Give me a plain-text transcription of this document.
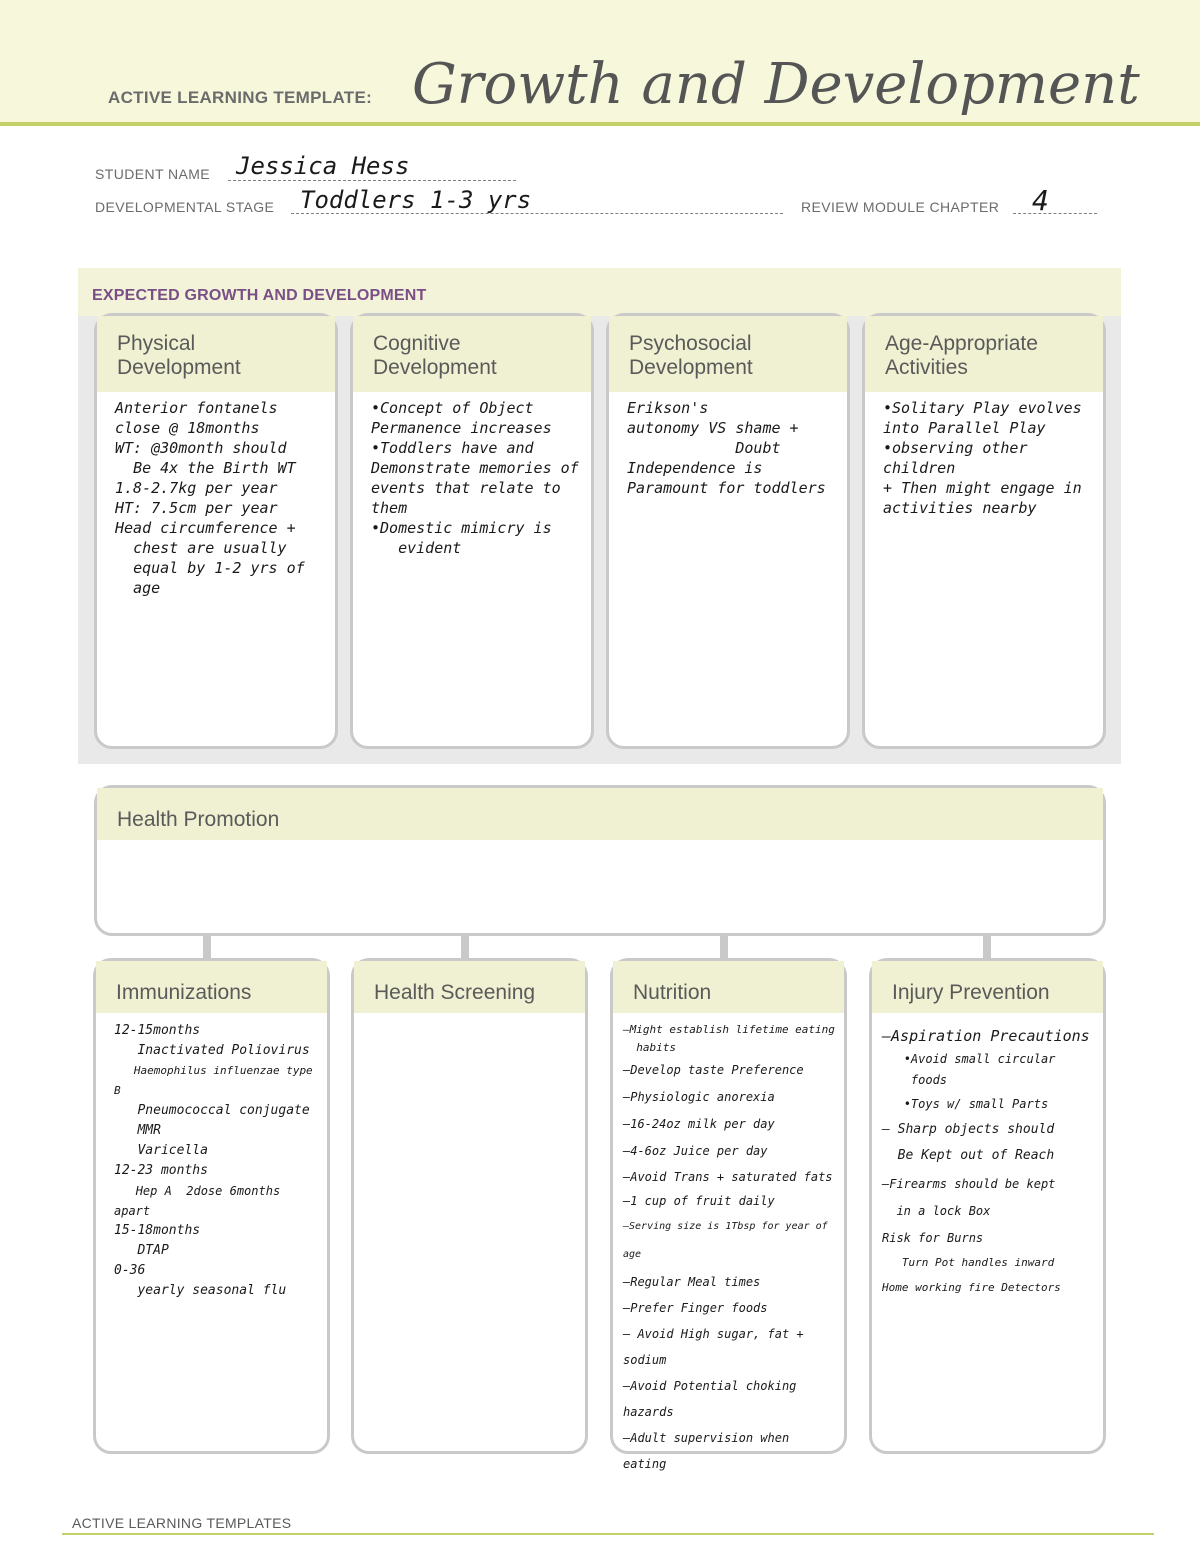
ACTIVE LEARNING TEMPLATE: Growth and Development
STUDENT NAME Jessica Hess
DEVELOPMENTAL STAGE Toddlers 1-3 yrs	REVIEW MODULE CHAPTER 4
EXPECTED GROWTH AND DEVELOPMENT
Physical
Development
Anterior fontanels
close @ 18months
WT: @30month should
Be 4x the Birth WT
1.8-2.7kg per year
HT: 7.5cm per year
Head circumference +
chest are usually
equal by 1-2 yrs of
age
Cognitive
Development
•Concept of Object
Permanence increases
•Toddlers have and
Demonstrate memories of
events that relate to them
•Domestic mimicry is
evident
Psychosocial
Development
Erikson's
autonomy VS shame +
Doubt
Independence is
Paramount for toddlers
Age-Appropriate
Activities
•Solitary Play evolves
into Parallel Play
•observing other children
+ Then might engage in
activities nearby
Health Promotion
Immunizations
12-15months
Inactivated Poliovirus
Haemophilus influenzae type B
Pneumococcal conjugate
MMR
Varicella
12-23 months
Hep A  2dose 6months apart
15-18months
DTAP
0-36
yearly seasonal flu
Health Screening	Nutrition
–Might establish lifetime eating
habits
–Develop taste Preference
–Physiologic anorexia
–16-24oz milk per day
–4-6oz Juice per day
–Avoid Trans + saturated fats
–1 cup of fruit daily
–Serving size is 1Tbsp for year of age
–Regular Meal times
–Prefer Finger foods
– Avoid High sugar, fat + sodium
–Avoid Potential choking hazards
–Adult supervision when eating
Injury Prevention
–Aspiration Precautions
•Avoid small circular
foods
•Toys w/ small Parts
– Sharp objects should
Be Kept out of Reach
–Firearms should be kept
in a lock Box
Risk for Burns
Turn Pot handles inward
Home working fire Detectors
ACTIVE LEARNING TEMPLATES
